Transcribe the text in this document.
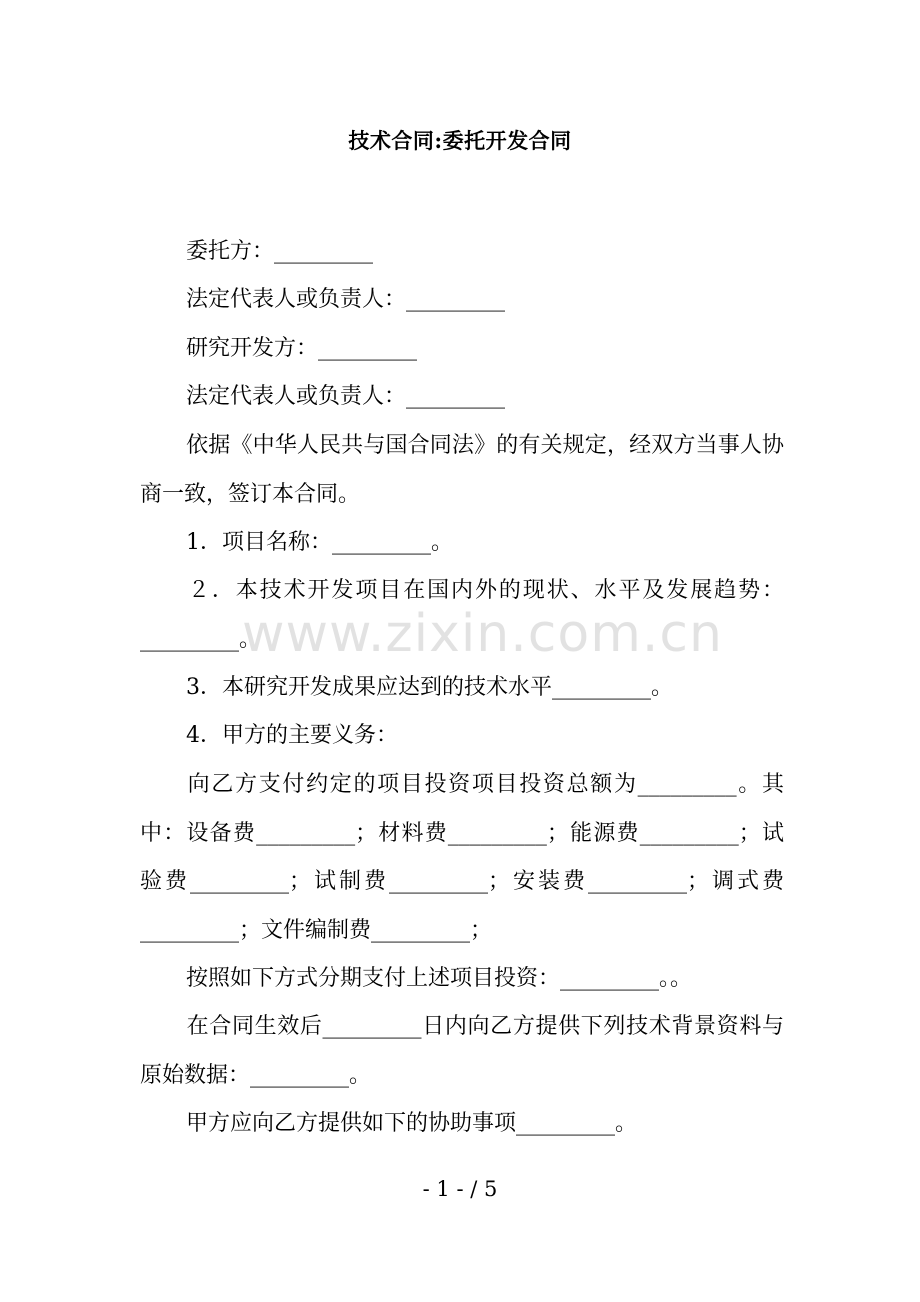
技术合同:委托开发合同

委托方：_________

法定代表人或负责人：_________

研究开发方：_________

法定代表人或负责人：_________

依据《中华人民共与国合同法》的有关规定，经双方当事人协商一致，签订本合同。

1．项目名称：_________。

２．本技术开发项目在国内外的现状、水平及发展趋势：_________。

3．本研究开发成果应达到的技术水平_________。

4．甲方的主要义务：

向乙方支付约定的项目投资项目投资总额为_________。其中：设备费_________；材料费_________；能源费_________；试验费_________；试制费_________；安装费_________；调式费_________；文件编制费_________；

按照如下方式分期支付上述项目投资：_________。。

在合同生效后_________日内向乙方提供下列技术背景资料与原始数据：_________。

甲方应向乙方提供如下的协助事项_________。

www.zixin.com.cn
- 1 - / 5
